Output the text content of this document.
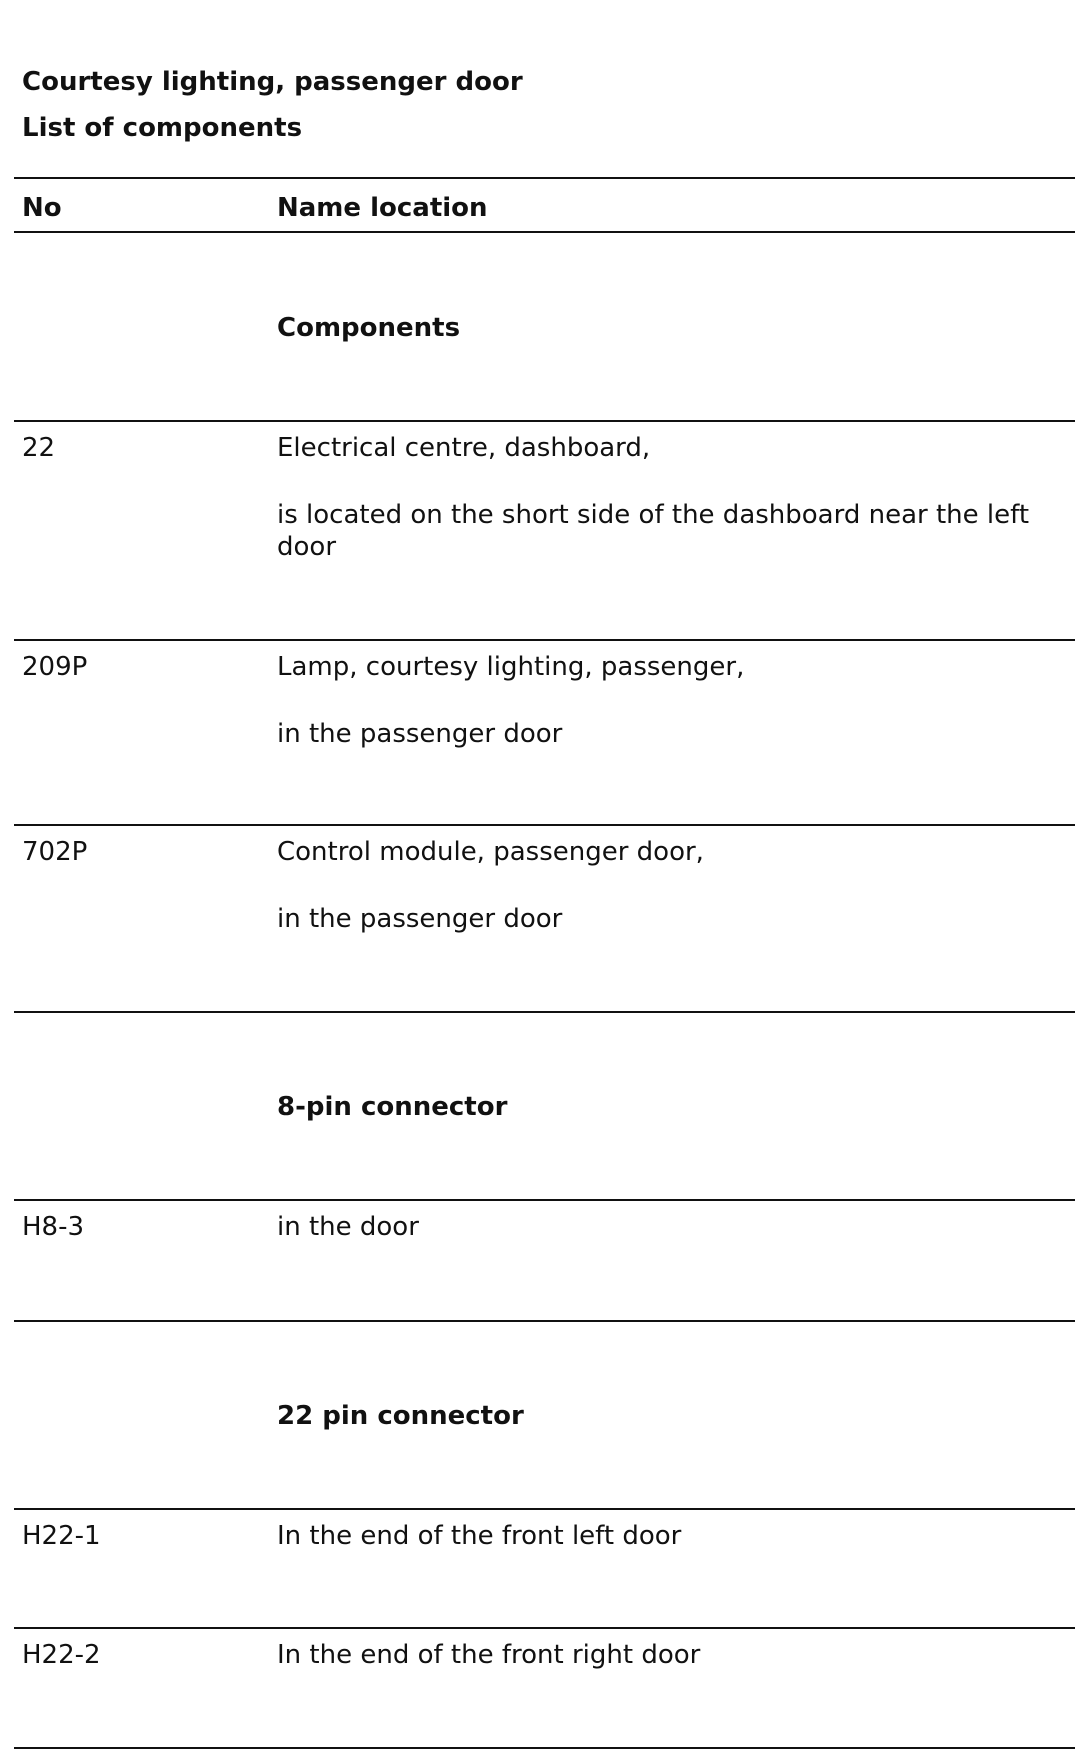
Courtesy lighting, passenger door
List of components
No	Name location
Components
22	Electrical centre, dashboard,
is located on the short side of the dashboard near the left door
209P	Lamp, courtesy lighting, passenger,
in the passenger door
702P	Control module, passenger door,
in the passenger door
8-pin connector
H8-3	in the door
22 pin connector
H22-1	In the end of the front left door
H22-2	In the end of the front right door
